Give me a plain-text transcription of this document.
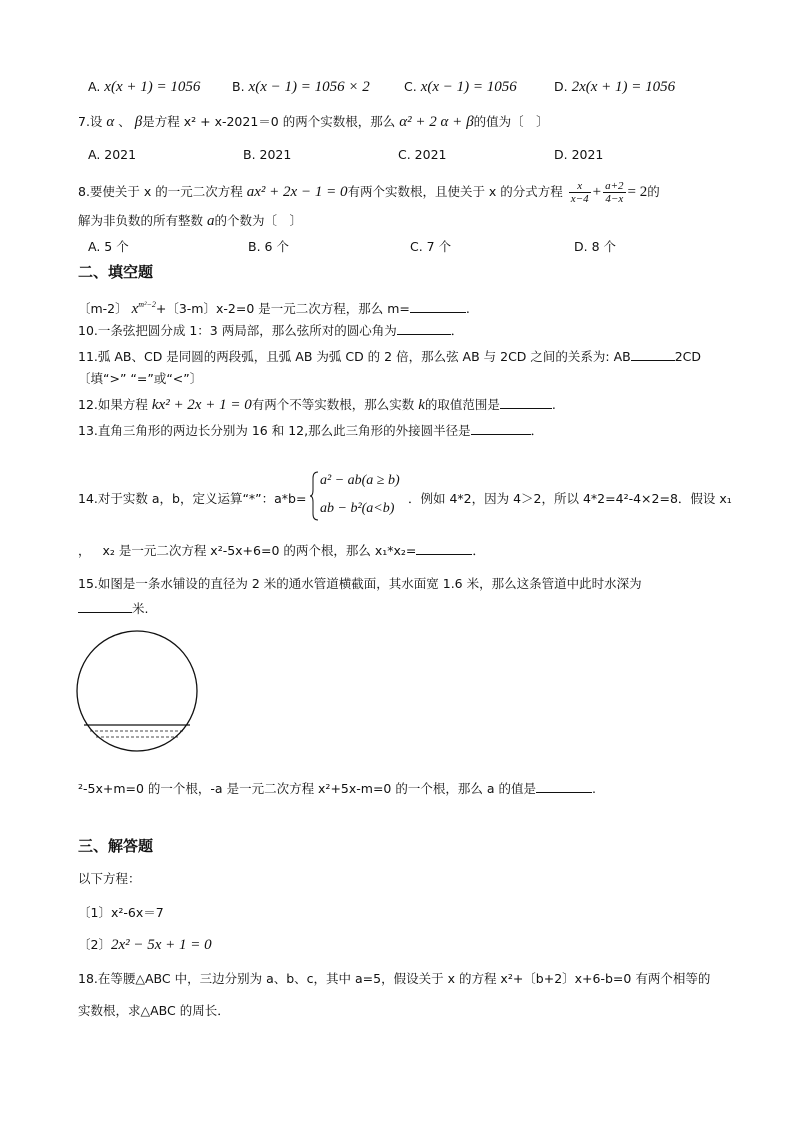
A. x(x + 1) = 1056	B. x(x − 1) = 1056 × 2	C. x(x − 1) = 1056	D. 2x(x + 1) = 1056
7.设 α 、 β是方程 x² + x-2021＝0 的两个实数根，那么 α² + 2 α + β的值为〔　〕
A. 2021	B. 2021	C. 2021	D. 2021
8.要使关于 x 的一元二次方程 ax² + 2x − 1 = 0有两个实数根，且使关于 x 的分式方程 $\frac{x}{x-4} + \frac{a+2}{4-x} = 2$的
解为非负数的所有整数 a的个数为〔　〕
A. 5 个	B. 6 个	C. 7 个	D. 8 个
二、填空题
〔m-2〕 $x^{m^2-2}+$〔3-m〕x-2=0 是一元二次方程，那么 m=	.
10.一条弦把圆分成 1：3 两局部，那么弦所对的圆心角为	．
11.弧 AB、CD 是同圆的两段弧，且弧 AB 为弧 CD 的 2 倍，那么弦 AB 与 2CD 之间的关系为: AB	2CD
〔填“>” “=”或“<”〕
12.如果方程 kx² + 2x + 1 = 0有两个不等实数根，那么实数 k的取值范围是	.
13.直角三角形的两边长分别为 16 和 12,那么此三角形的外接圆半径是	．
14.对于实数 a，b，定义运算“*”：a*b=
a² − ab(a ≥ b)
ab − b²(a<b)
．例如 4*2，因为 4＞2，所以 4*2=4²-4×2=8．假设 x₁
， x₂ 是一元二次方程 x²-5x+6=0 的两个根，那么 x₁*x₂=	．
15.如图是一条水铺设的直径为 2 米的通水管道横截面，其水面宽 1.6 米，那么这条管道中此时水深为
米.
²-5x+m=0 的一个根，-a 是一元二次方程 x²+5x-m=0 的一个根，那么 a 的值是	.
三、解答题
以下方程：
〔1〕x²-6x＝7
〔2〕2x² − 5x + 1 = 0
18.在等腰△ABC 中，三边分别为 a、b、c，其中 a=5，假设关于 x 的方程 x²+〔b+2〕x+6-b=0 有两个相等的
实数根，求△ABC 的周长．
